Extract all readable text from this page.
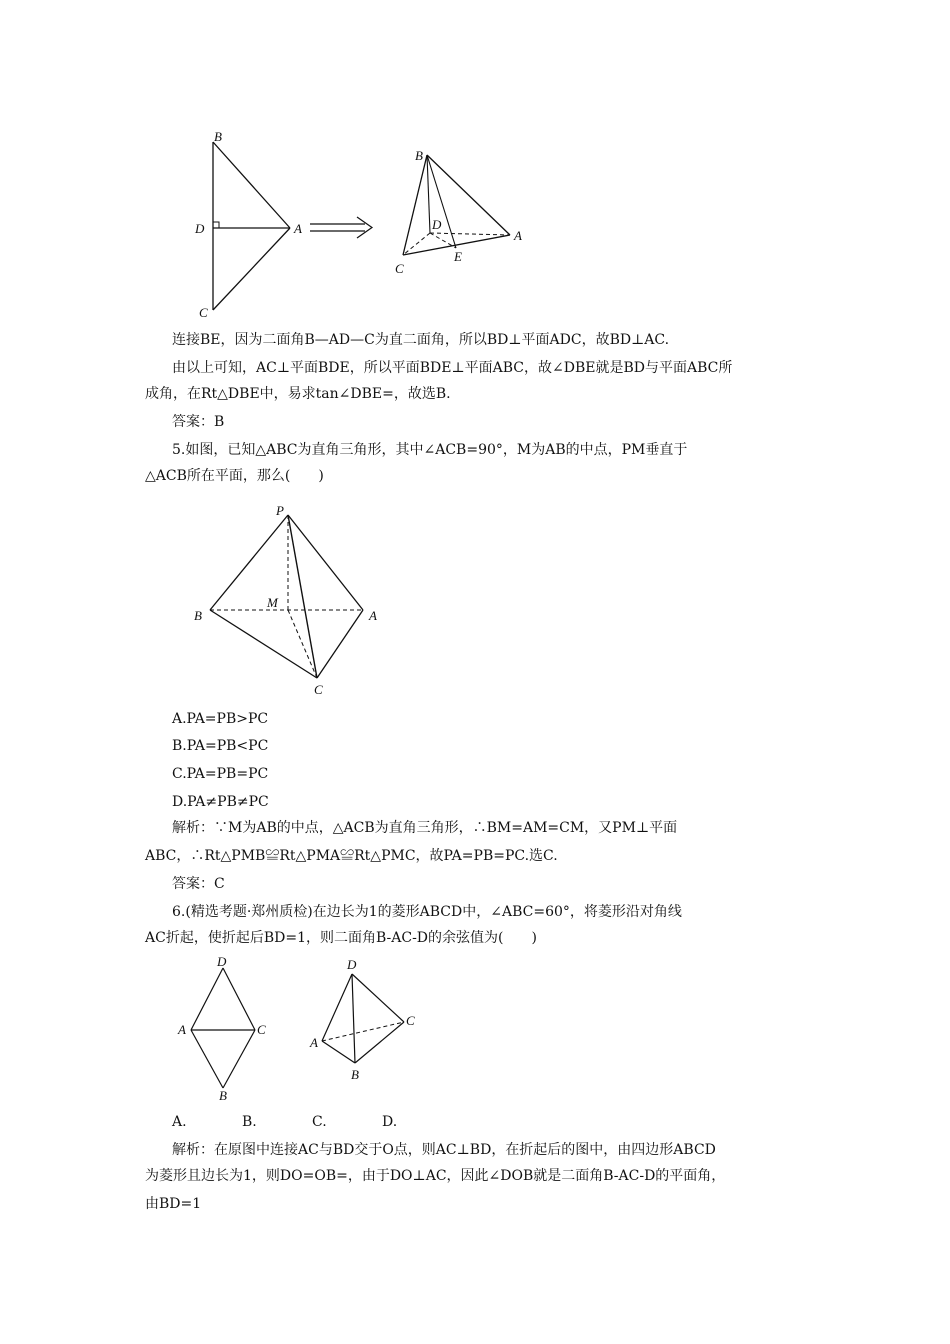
B
D	A
C
B
D
A
C
E
连接BE，因为二面角B—AD—C为直二面角，所以BD⊥平面ADC，故BD⊥AC.
由以上可知，AC⊥平面BDE，所以平面BDE⊥平面ABC，故∠DBE就是BD与平面ABC所
成角，在Rt△DBE中，易求tan∠DBE=，故选B.
答案：B
5.如图，已知△ABC为直角三角形，其中∠ACB=90°，M为AB的中点，PM垂直于
△ACB所在平面，那么(　　)
P
M
B	A
C
A.PA=PB>PC
B.PA=PB<PC
C.PA=PB=PC
D.PA≠PB≠PC
解析：∵M为AB的中点，△ACB为直角三角形，∴BM=AM=CM，又PM⊥平面
ABC，∴Rt△PMB≌Rt△PMA≌Rt△PMC，故PA=PB=PC.选C.
答案：C
6.(精选考题·郑州质检)在边长为1的菱形ABCD中，∠ABC=60°，将菱形沿对角线
AC折起，使折起后BD=1，则二面角B-AC-D的余弦值为(　　)
D
A	C
B
D
A
C
B
A.	B.	C.	D.
解析：在原图中连接AC与BD交于O点，则AC⊥BD，在折起后的图中，由四边形ABCD
为菱形且边长为1，则DO=OB=，由于DO⊥AC，因此∠DOB就是二面角B-AC-D的平面角，
由BD=1
